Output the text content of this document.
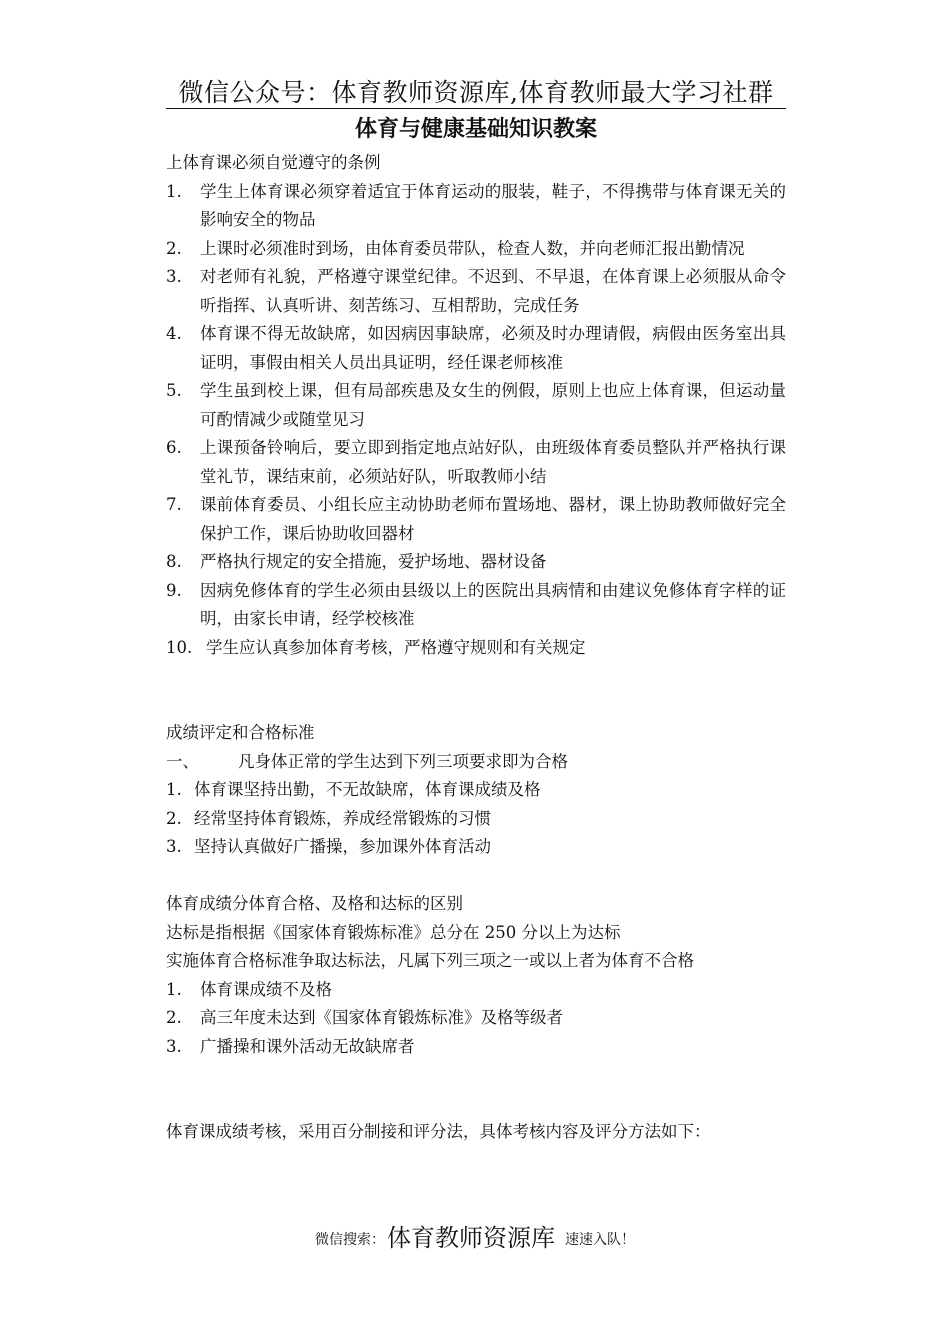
微信公众号：体育教师资源库,体育教师最大学习社群
体育与健康基础知识教案
上体育课必须自觉遵守的条例
1.	学生上体育课必须穿着适宜于体育运动的服装，鞋子，不得携带与体育课无关的影响安全的物品
2.	上课时必须准时到场，由体育委员带队，检查人数，并向老师汇报出勤情况
3.	对老师有礼貌，严格遵守课堂纪律。不迟到、不早退，在体育课上必须服从命令听指挥、认真听讲、刻苦练习、互相帮助，完成任务
4.	体育课不得无故缺席，如因病因事缺席，必须及时办理请假，病假由医务室出具证明，事假由相关人员出具证明，经任课老师核准
5.	学生虽到校上课，但有局部疾患及女生的例假，原则上也应上体育课，但运动量可酌情减少或随堂见习
6.	上课预备铃响后，要立即到指定地点站好队，由班级体育委员整队并严格执行课堂礼节，课结束前，必须站好队，听取教师小结
7.	课前体育委员、小组长应主动协助老师布置场地、器材，课上协助教师做好完全保护工作，课后协助收回器材
8.	严格执行规定的安全措施，爱护场地、器材设备
9.	因病免修体育的学生必须由县级以上的医院出具病情和由建议免修体育字样的证明，由家长申请，经学校核准
10. 学生应认真参加体育考核，严格遵守规则和有关规定
成绩评定和合格标准
一、	凡身体正常的学生达到下列三项要求即为合格
1. 体育课坚持出勤，不无故缺席，体育课成绩及格
2. 经常坚持体育锻炼，养成经常锻炼的习惯
3. 坚持认真做好广播操，参加课外体育活动
体育成绩分体育合格、及格和达标的区别
达标是指根据《国家体育锻炼标准》总分在 250 分以上为达标
实施体育合格标准争取达标法，凡属下列三项之一或以上者为体育不合格
1.	体育课成绩不及格
2.	高三年度未达到《国家体育锻炼标准》及格等级者
3.	广播操和课外活动无故缺席者
体育课成绩考核，采用百分制接和评分法，具体考核内容及评分方法如下：
微信搜索：体育教师资源库 速速入队！
